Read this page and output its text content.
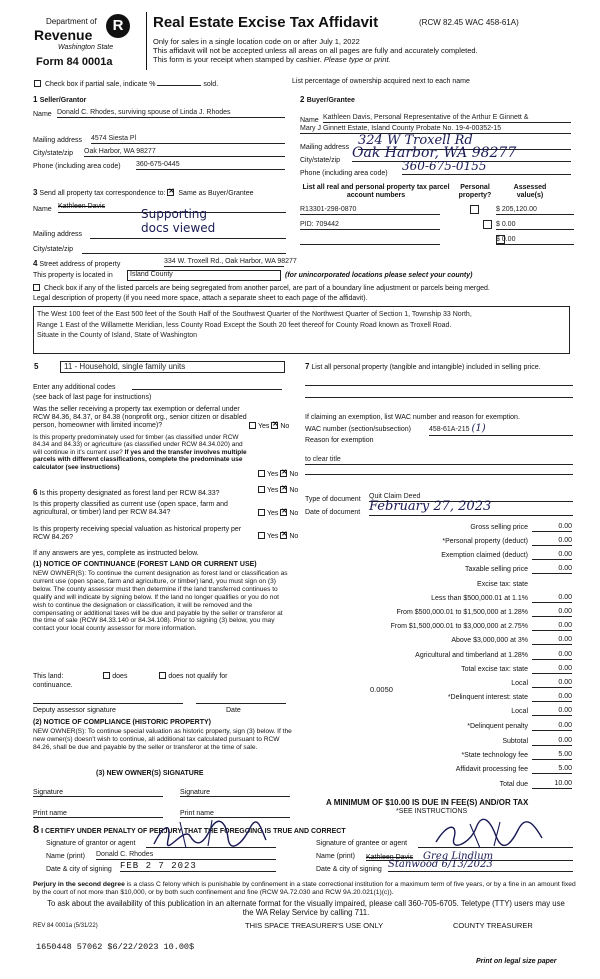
Department of
Revenue
R
Washington State
Form 84 0001a
Real Estate Excise Tax Affidavit	(RCW 82.45 WAC 458-61A)
Only for sales in a single location code on or after July 1, 2022
This affidavit will not be accepted unless all areas on all pages are fully and accurately completed.
This form is your receipt when stamped by cashier. Please type or print.
Check box if partial sale, indicate %	sold.	List percentage of ownership acquired next to each name
1 Seller/Grantor
Name Donald C. Rhodes, surviving spouse of Linda J. Rhodes
Mailing address 4574 Siesta Pl
City/state/zip Oak Harbor, WA 98277
Phone (including area code) 360-675-0445
2 Buyer/Grantee
Name Kathleen Davis, Personal Representative of the Arthur E Ginnett &
Mary J Ginnett Estate, Island County Probate No. 19-4-00352-15
Mailing address 324 W Troxell Rd
City/state/zip Oak Harbor, WA 98277
Phone (including area code)
360-675-0155
3 Send all property tax correspondence to: ✕ Same as Buyer/Grantee
Name Kathleen Davis
Supporting
docs viewed
Mailing address
City/state/zip
List all real and personal property tax parcel account numbers
Personal property?
Assessed value(s)
R13301-298-0870
	$ 205,120.00
PID: 709442
	$ 0.00
$ 0.00
4 Street address of property	334 W. Troxell Rd., Oak Harbor, WA 98277
This property is located in	Island County	(for unincorporated locations please select your county)
Check box if any of the listed parcels are being segregated from another parcel, are part of a boundary line adjustment or parcels being merged.
Legal description of property (if you need more space, attach a separate sheet to each page of the affidavit).
The West 100 feet of the East 500 feet of the South Half of the Southwest Quarter of the Northwest Quarter of Section 1, Township 33 North,
Range 1 East of the Willamette Meridian, less County Road Except the South 20 feet thereof for County Road known as Troxell Road.
Situate in the County of Island, State of Washington
5	11 - Household, single family units
Enter any additional codes
(see back of last page for instructions)
Was the seller receiving a property tax exemption or deferral under RCW 84.36, 84.37, or 84.38 (nonprofit org., senior citizen or disabled person, homeowner with limited income)?	Yes ✕ No
Is this property predominately used for timber (as classified under RCW 84.34 and 84.33) or agriculture (as classified under RCW 84.34.020) and will continue in it's current use? If yes and the transfer involves multiple parcels with different classifications, complete the predominate use calculator (see instructions)
Yes ✕ No
6 Is this property designated as forest land per RCW 84.33?	Yes ✕ No
Is this property classified as current use (open space, farm and agricultural, or timber) land per RCW 84.34?	Yes ✕ No
Is this property receiving special valuation as historical property per RCW 84.26?	Yes ✕ No
If any answers are yes, complete as instructed below.
(1) NOTICE OF CONTINUANCE (FOREST LAND OR CURRENT USE)
NEW OWNER(S): To continue the current designation as forest land or classification as current use (open space, farm and agriculture, or timber) land, you must sign on (3) below. The county assessor must then determine if the land transferred continues to qualify and will indicate by signing below. If the land no longer qualifies or you do not wish to continue the designation or classification, it will be removed and the compensating or additional taxes will be due and payable by the seller or transferor at the time of sale (RCW 84.33.140 or 84.34.108). Prior to signing (3) below, you may contact your local county assessor for more information.
This land:	does	does not qualify for
continuance.
Deputy assessor signature	Date
(2) NOTICE OF COMPLIANCE (HISTORIC PROPERTY)
NEW OWNER(S): To continue special valuation as historic property, sign (3) below. If the new owner(s) doesn't wish to continue, all additional tax calculated pursuant to RCW 84.26, shall be due and payable by the seller or transferor at the time of sale.
(3) NEW OWNER(S) SIGNATURE
Signature	Signature
Print name	Print name
7 List all personal property (tangible and intangible) included in selling price.
If claiming an exemption, list WAC number and reason for exemption.
WAC number (section/subsection)	458-61A-215 (1)
Reason for exemption
to clear title
Type of document Quit Claim Deed
Date of document February 27, 2023
Gross selling price	0.00
*Personal property (deduct)	0.00
Exemption claimed (deduct)	0.00
Taxable selling price	0.00
Excise tax: state
Less than $500,000.01 at 1.1%	0.00
From $500,000.01 to $1,500,000 at 1.28%	0.00
From $1,500,000.01 to $3,000,000 at 2.75%	0.00
Above $3,000,000 at 3%	0.00
Agricultural and timberland at 1.28%	0.00
Total excise tax: state	0.00
Local	0.00
*Delinquent interest: state	0.00
Local	0.00
*Delinquent penalty	0.00
Subtotal	0.00
*State technology fee	5.00
Affidavit processing fee	5.00
Total due	10.00
0.0050
A MINIMUM OF $10.00 IS DUE IN FEE(S) AND/OR TAX
*SEE INSTRUCTIONS
8 I CERTIFY UNDER PENALTY OF PERJURY THAT THE FOREGOING IS TRUE AND CORRECT
Signature of grantor or agent
Name (print) Donald C. Rhodes
Date & city of signing FEB 2 7 2023
Signature of grantee or agent
Name (print) Kathleen Davis Greg Lindlum
Date & city of signing Stanwood 6/13/2023
Perjury in the second degree is a class C felony which is punishable by confinement in a state correctional institution for a maximum term of five years, or by a fine in an amount fixed by the court of not more than $10,000, or by both such confinement and fine (RCW 9A.72.030 and RCW 9A.20.021(1)(c)).
To ask about the availability of this publication in an alternate format for the visually impaired, please call 360-705-6705. Teletype (TTY) users may use the WA Relay Service by calling 711.
REV 84 0001a (5/31/22)	THIS SPACE TREASURER'S USE ONLY	COUNTY TREASURER
1650448 57062 $6/22/2023 10.00$
Print on legal size paper
